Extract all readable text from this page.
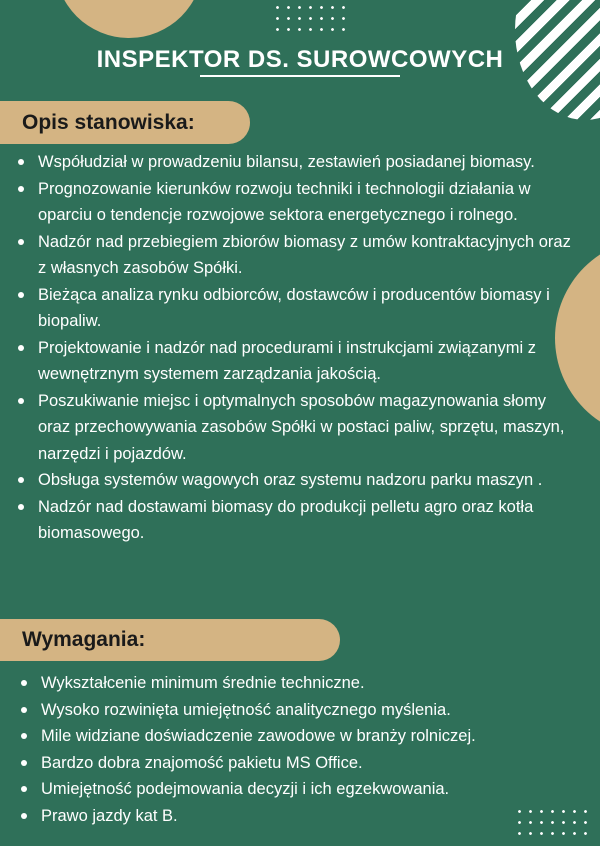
INSPEKTOR DS. SUROWCOWYCH
Opis stanowiska:
Współudział w prowadzeniu bilansu, zestawień posiadanej biomasy.
Prognozowanie kierunków rozwoju techniki i technologii działania w oparciu o tendencje rozwojowe sektora energetycznego i rolnego.
Nadzór nad przebiegiem zbiorów biomasy z umów kontraktacyjnych oraz z własnych zasobów Spółki.
Bieżąca analiza rynku odbiorców, dostawców i producentów biomasy i biopaliw.
Projektowanie i nadzór nad procedurami i instrukcjami związanymi z wewnętrznym systemem zarządzania jakością.
Poszukiwanie miejsc i optymalnych sposobów magazynowania słomy oraz przechowywania zasobów Spółki w postaci paliw, sprzętu, maszyn, narzędzi i pojazdów.
Obsługa systemów wagowych oraz systemu nadzoru parku maszyn .
Nadzór nad dostawami biomasy do produkcji pelletu agro oraz kotła biomasowego.
Wymagania:
Wykształcenie minimum średnie techniczne.
Wysoko rozwinięta umiejętność analitycznego myślenia.
Mile widziane doświadczenie zawodowe w branży rolniczej.
Bardzo dobra znajomość pakietu MS Office.
Umiejętność podejmowania decyzji i ich egzekwowania.
Prawo jazdy kat B.
